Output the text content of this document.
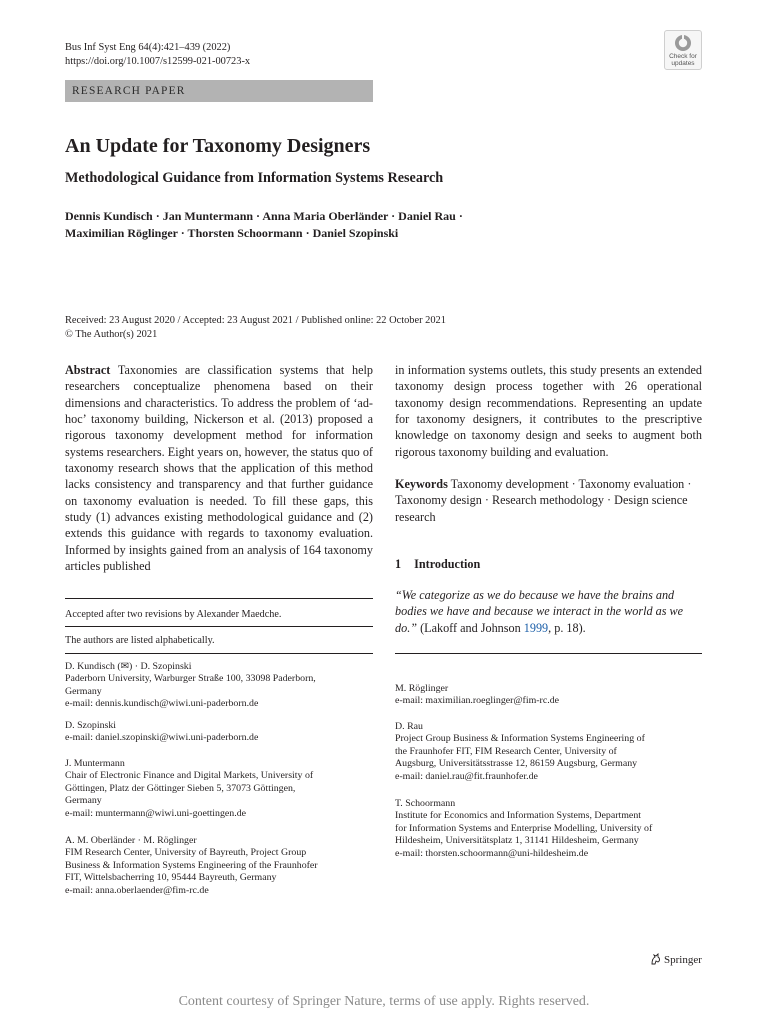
Bus Inf Syst Eng 64(4):421–439 (2022)
https://doi.org/10.1007/s12599-021-00723-x	Check for
updates
RESEARCH PAPER
An Update for Taxonomy Designers
Methodological Guidance from Information Systems Research
Dennis Kundisch · Jan Muntermann · Anna Maria Oberländer · Daniel Rau ·
Maximilian Röglinger · Thorsten Schoormann · Daniel Szopinski
Received: 23 August 2020 / Accepted: 23 August 2021 / Published online: 22 October 2021
© The Author(s) 2021
Abstract Taxonomies are classification systems that help researchers conceptualize phenomena based on their dimensions and characteristics. To address the problem of ‘ad-hoc’ taxonomy building, Nickerson et al. (2013) proposed a rigorous taxonomy development method for information systems researchers. Eight years on, however, the status quo of taxonomy research shows that the application of this method lacks consistency and transparency and that further guidance on taxonomy evaluation is needed. To fill these gaps, this study (1) advances existing methodological guidance and (2) extends this guidance with regards to taxonomy evaluation. Informed by insights gained from an analysis of 164 taxonomy articles published
in information systems outlets, this study presents an extended taxonomy design process together with 26 operational taxonomy design recommendations. Representing an update for taxonomy designers, it contributes to the prescriptive knowledge on taxonomy design and seeks to augment both rigorous taxonomy building and evaluation.
Keywords Taxonomy development · Taxonomy evaluation · Taxonomy design · Research methodology · Design science research
1 Introduction
“We categorize as we do because we have the brains and bodies we have and because we interact in the world as we do.” (Lakoff and Johnson 1999, p. 18).
Accepted after two revisions by Alexander Maedche.
The authors are listed alphabetically.

D. Kundisch (✉) · D. Szopinski

Paderborn University, Warburger Straße 100, 33098 Paderborn,

Germany

e-mail: dennis.kundisch@wiwi.uni-paderborn.de

D. Szopinski

e-mail: daniel.szopinski@wiwi.uni-paderborn.de

J. Muntermann

Chair of Electronic Finance and Digital Markets, University of

Göttingen, Platz der Göttinger Sieben 5, 37073 Göttingen,

Germany

e-mail: muntermann@wiwi.uni-goettingen.de

A. M. Oberländer · M. Röglinger

FIM Research Center, University of Bayreuth, Project Group

Business & Information Systems Engineering of the Fraunhofer

FIT, Wittelsbacherring 10, 95444 Bayreuth, Germany

e-mail: anna.oberlaender@fim-rc.de

M. Röglinger

e-mail: maximilian.roeglinger@fim-rc.de

D. Rau

Project Group Business & Information Systems Engineering of

the Fraunhofer FIT, FIM Research Center, University of

Augsburg, Universitätsstrasse 12, 86159 Augsburg, Germany

e-mail: daniel.rau@fit.fraunhofer.de

T. Schoormann

Institute for Economics and Information Systems, Department

for Information Systems and Enterprise Modelling, University of

Hildesheim, Universitätsplatz 1, 31141 Hildesheim, Germany

e-mail: thorsten.schoormann@uni-hildesheim.de

Springer
Content courtesy of Springer Nature, terms of use apply. Rights reserved.
